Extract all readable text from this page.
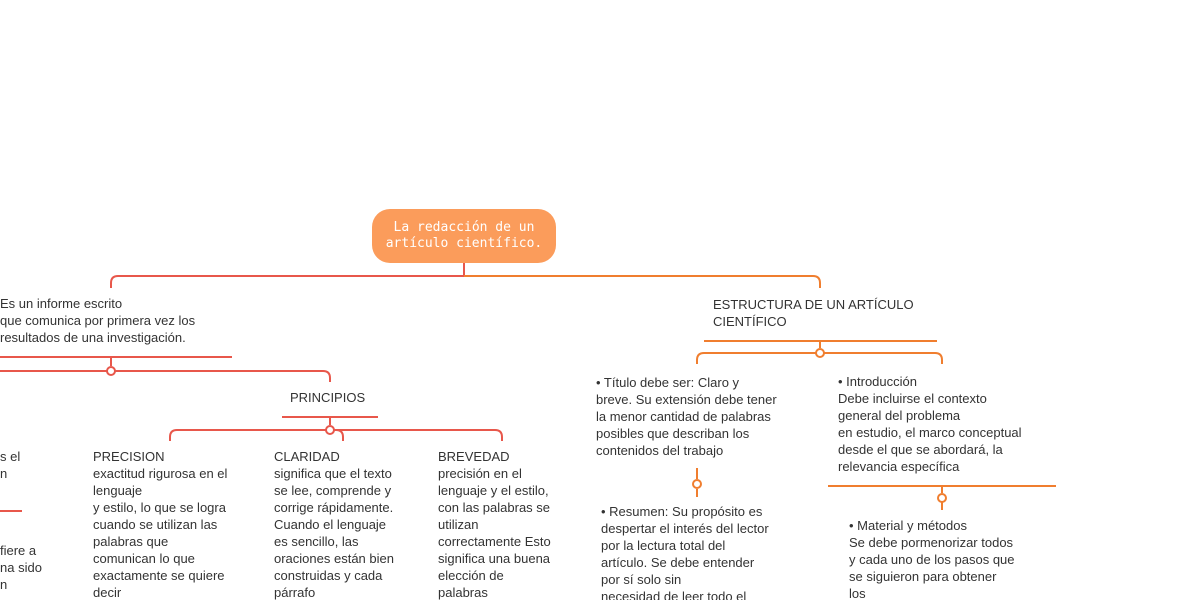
La redacción de un
artículo científico.
Es un informe escrito
que comunica por primera vez los
resultados de una investigación.
s el
n
fiere a
na sido
n
PRINCIPIOS
PRECISION
exactitud rigurosa en el
lenguaje
y estilo, lo que se logra
cuando se utilizan las
palabras que
comunican lo que
exactamente se quiere
decir
CLARIDAD
significa que el texto
se lee, comprende y
corrige rápidamente.
Cuando el lenguaje
es sencillo, las
oraciones están bien
construidas y cada
párrafo
BREVEDAD
precisión en el
lenguaje y el estilo,
con las palabras se
utilizan
correctamente Esto
significa una buena
elección de
palabras
ESTRUCTURA DE UN ARTÍCULO
CIENTÍFICO
• Título debe ser: Claro y
breve. Su extensión debe tener
la menor cantidad de palabras
posibles que describan los
contenidos del trabajo
• Resumen: Su propósito es
despertar el interés del lector
por la lectura total del
artículo. Se debe entender
por sí solo sin
necesidad de leer todo el
• Introducción
Debe incluirse el contexto
general del problema
en estudio, el marco conceptual
desde el que se abordará, la
relevancia específica
• Material y métodos
Se debe pormenorizar todos
y cada uno de los pasos que
se siguieron para obtener
los
